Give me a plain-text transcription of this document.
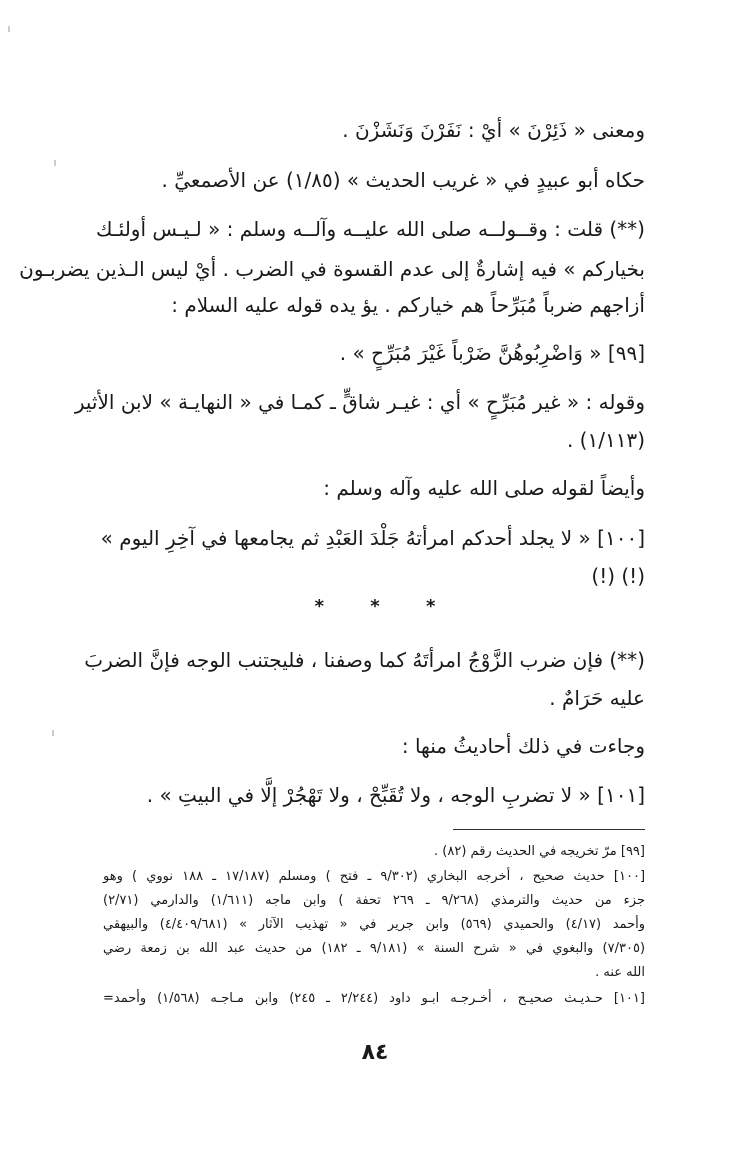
ومعنى « ذَئِرْنَ » أيْ : نَفَرْنَ وَنَشَزْنَ .
حكاه أبو عبيدٍ في « غريب الحديث » (١/٨٥) عن الأصمعيِّ .
(**) قلت : وقــولــه صلى الله عليــه وآلــه وسلم : « لـيـس أولئـك
بخياركم » فيه إشارةٌ إلى عدم القسوة في الضرب . أيْ ليس الـذين يضربـون
أزاجهم ضرباً مُبَرِّحاً هم خياركم . يؤ يده قوله عليه السلام :
[٩٩] « وَاضْرِبُوهُنَّ ضَرْباً غَيْرَ مُبَرِّحٍ » .
وقوله : « غير مُبَرِّحٍ » أي : غيـر شاقٍّ ـ كمـا في « النهايـة » لابن الأثير
(١/١١٣) .
وأيضاً لقوله صلى الله عليه وآله وسلم :
[١٠٠] « لا يجلد أحدكم امرأتهُ جَلْدَ العَبْدِ ثم يجامعها في آخِرِ اليوم »
(!) (!)
* * *
(**) فإن ضرب الزَّوْجُ امرأتَهُ كما وصفنا ، فليجتنب الوجه فإنَّ الضربَ
عليه حَرَامٌ .
وجاءت في ذلك أحاديثُ منها :
[١٠١] « لا تضربِ الوجه ، ولا تُقَبِّحْ ، ولا تَهْجُرْ إلَّا في البيتِ » .
[٩٩] مرّ تخريجه في الحديث رقم (٨٢) .
[١٠٠] حديث صحيح ، أخرجه البخاري (٩/٣٠٢ ـ فتح ) ومسلم (١٧/١٨٧ ـ ١٨٨ نووي ) وهو
جزء من حديث والترمذي (٩/٢٦٨ ـ ٢٦٩ تحفة ) وابن ماجه (١/٦١١) والدارمي (٢/٧١)
وأحمد (٤/١٧) والحميدي (٥٦٩) وابن جرير في « تهذيب الآثار » (٤/٤٠٩/٦٨١) والبيهقي
(٧/٣٠٥) والبغوي في « شرح السنة » (٩/١٨١ ـ ١٨٢) من حديث عبد الله بن زمعة رضي
الله عنه .
[١٠١] حـديـث صحيـح ، أخـرجـه ابـو داود (٢/٢٤٤ ـ ٢٤٥) وابن مـاجـه (١/٥٦٨) وأحمد=
٨٤
